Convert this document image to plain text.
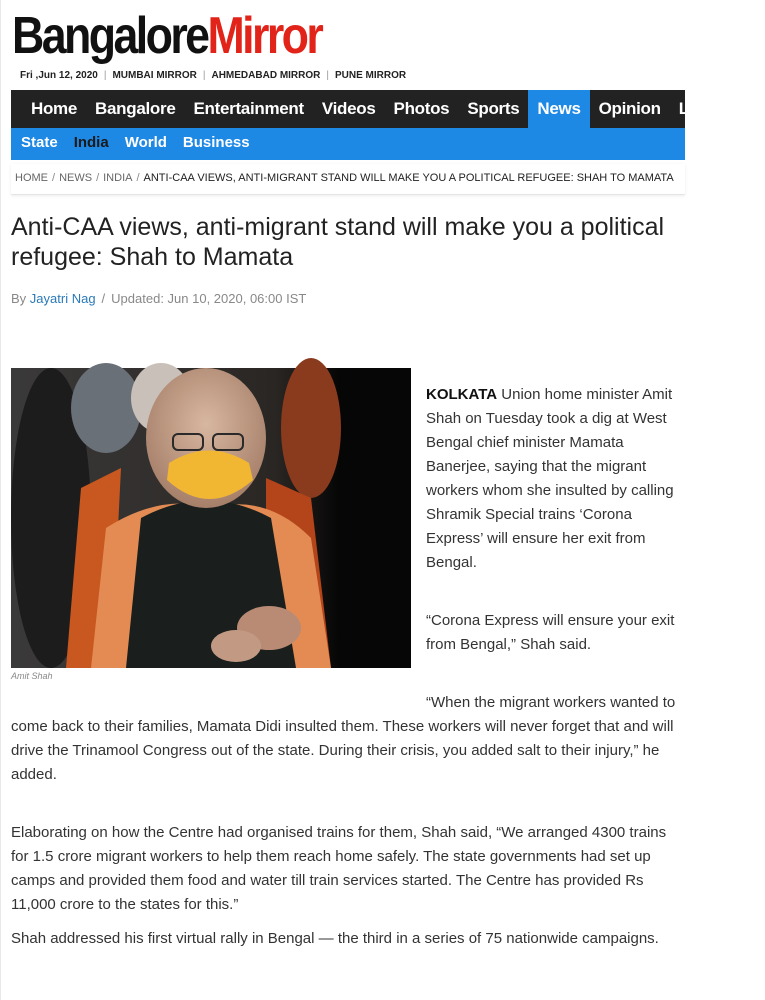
BangaloreMirror
Fri ,Jun 12, 2020 | MUMBAI MIRROR | AHMEDABAD MIRROR | PUNE MIRROR
Home	Bangalore	Entertainment	Videos	Photos	Sports	News	Opinion	Loksabha
State	India	World	Business
HOME / NEWS / INDIA / ANTI-CAA VIEWS, ANTI-MIGRANT STAND WILL MAKE YOU A POLITICAL REFUGEE: SHAH TO MAMATA
Anti-CAA views, anti-migrant stand will make you a political refugee: Shah to Mamata
By Jayatri Nag / Updated: Jun 10, 2020, 06:00 IST
Amit Shah

KOLKATA Union home minister Amit Shah on Tuesday took a dig at West Bengal chief minister Mamata Banerjee, saying that the migrant workers whom she insulted by calling Shramik Special trains ‘Corona Express’ will ensure her exit from Bengal.

“Corona Express will ensure your exit from Bengal,” Shah said.

“When the migrant workers wanted to come back to their families, Mamata Didi insulted them. These workers will never forget that and will drive the Trinamool Congress out of the state. During their crisis, you added salt to their injury,” he added.

Elaborating on how the Centre had organised trains for them, Shah said, “We arranged 4300 trains for 1.5 crore migrant workers to help them reach home safely. The state governments had set up camps and provided them food and water till train services started. The Centre has provided Rs 11,000 crore to the states for this.”

Shah addressed his first virtual rally in Bengal — the third in a series of 75 nationwide campaigns.
